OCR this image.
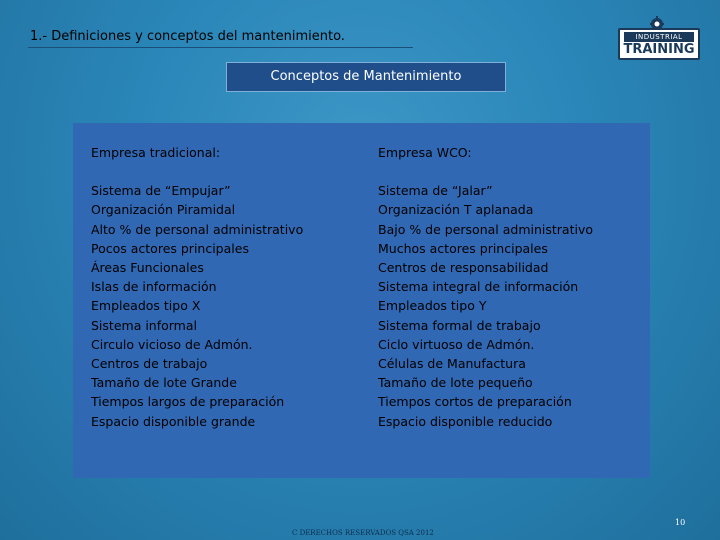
1.- Definiciones y conceptos del mantenimiento.	INDUSTRIAL
TRAINING
Conceptos de Mantenimiento
Empresa tradicional:
Sistema de “Empujar”
Organización Piramidal
Alto % de personal administrativo
Pocos actores principales
Áreas Funcionales
Islas de información
Empleados tipo X
Sistema informal
Circulo vicioso de Admón.
Centros de trabajo
Tamaño de lote Grande
Tiempos largos de preparación
Espacio disponible grande
Empresa WCO:
Sistema de “Jalar”
Organización T aplanada
Bajo % de personal administrativo
Muchos actores principales
Centros de responsabilidad
Sistema integral de información
Empleados tipo Y
Sistema formal de trabajo
Ciclo virtuoso de Admón.
Células de Manufactura
Tamaño de lote pequeño
Tiempos cortos de preparación
Espacio disponible reducido
C DERECHOS RESERVADOS QSA 2012
10
